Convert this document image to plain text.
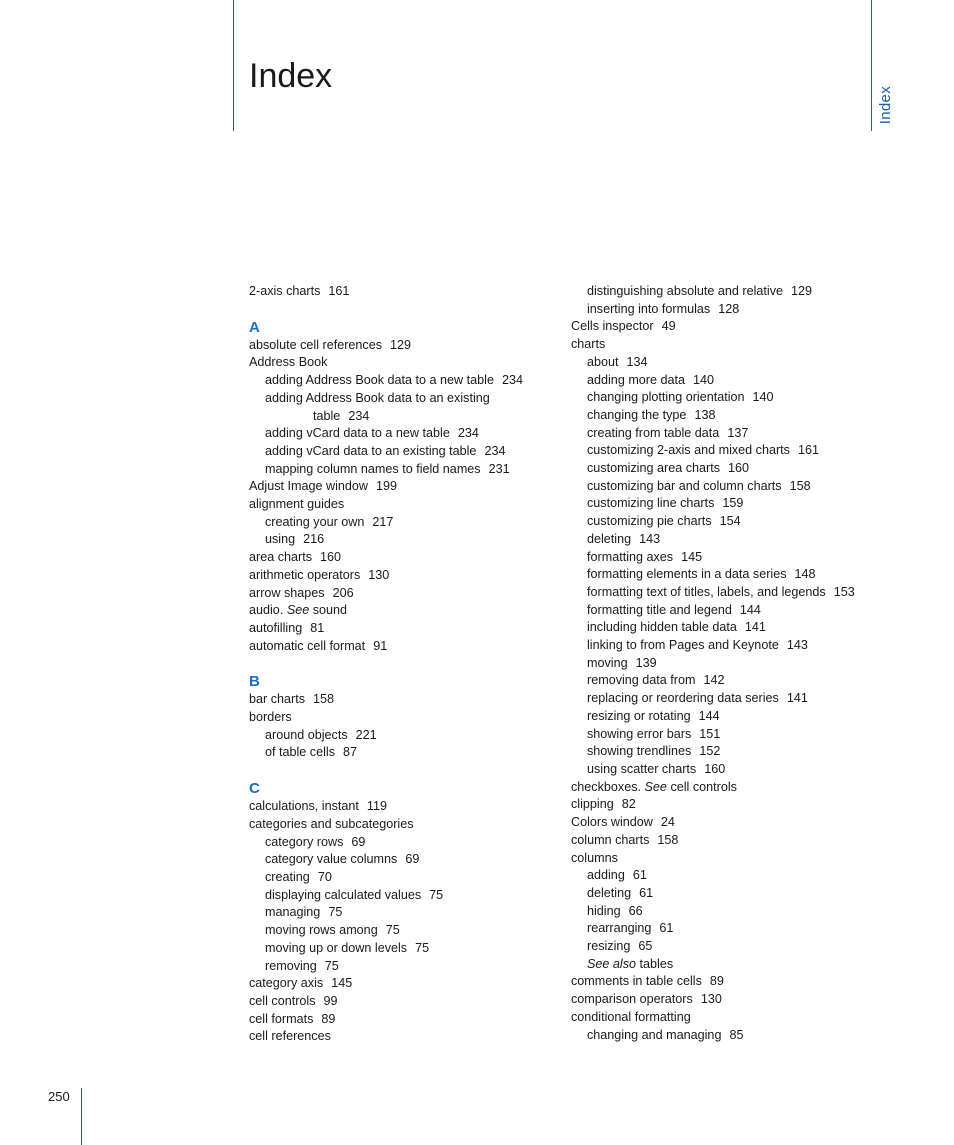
Index
Index
2-axis charts 161
A
absolute cell references 129
Address Book
adding Address Book data to a new table 234
adding Address Book data to an existing
table 234
adding vCard data to a new table 234
adding vCard data to an existing table 234
mapping column names to field names 231
Adjust Image window 199
alignment guides
creating your own 217
using 216
area charts 160
arithmetic operators 130
arrow shapes 206
audio. See sound
autofilling 81
automatic cell format 91
B
bar charts 158
borders
around objects 221
of table cells 87
C
calculations, instant 119
categories and subcategories
category rows 69
category value columns 69
creating 70
displaying calculated values 75
managing 75
moving rows among 75
moving up or down levels 75
removing 75
category axis 145
cell controls 99
cell formats 89
cell references
distinguishing absolute and relative 129
inserting into formulas 128
Cells inspector 49
charts
about 134
adding more data 140
changing plotting orientation 140
changing the type 138
creating from table data 137
customizing 2-axis and mixed charts 161
customizing area charts 160
customizing bar and column charts 158
customizing line charts 159
customizing pie charts 154
deleting 143
formatting axes 145
formatting elements in a data series 148
formatting text of titles, labels, and legends 153
formatting title and legend 144
including hidden table data 141
linking to from Pages and Keynote 143
moving 139
removing data from 142
replacing or reordering data series 141
resizing or rotating 144
showing error bars 151
showing trendlines 152
using scatter charts 160
checkboxes. See cell controls
clipping 82
Colors window 24
column charts 158
columns
adding 61
deleting 61
hiding 66
rearranging 61
resizing 65
See also tables
comments in table cells 89
comparison operators 130
conditional formatting
changing and managing 85
250
